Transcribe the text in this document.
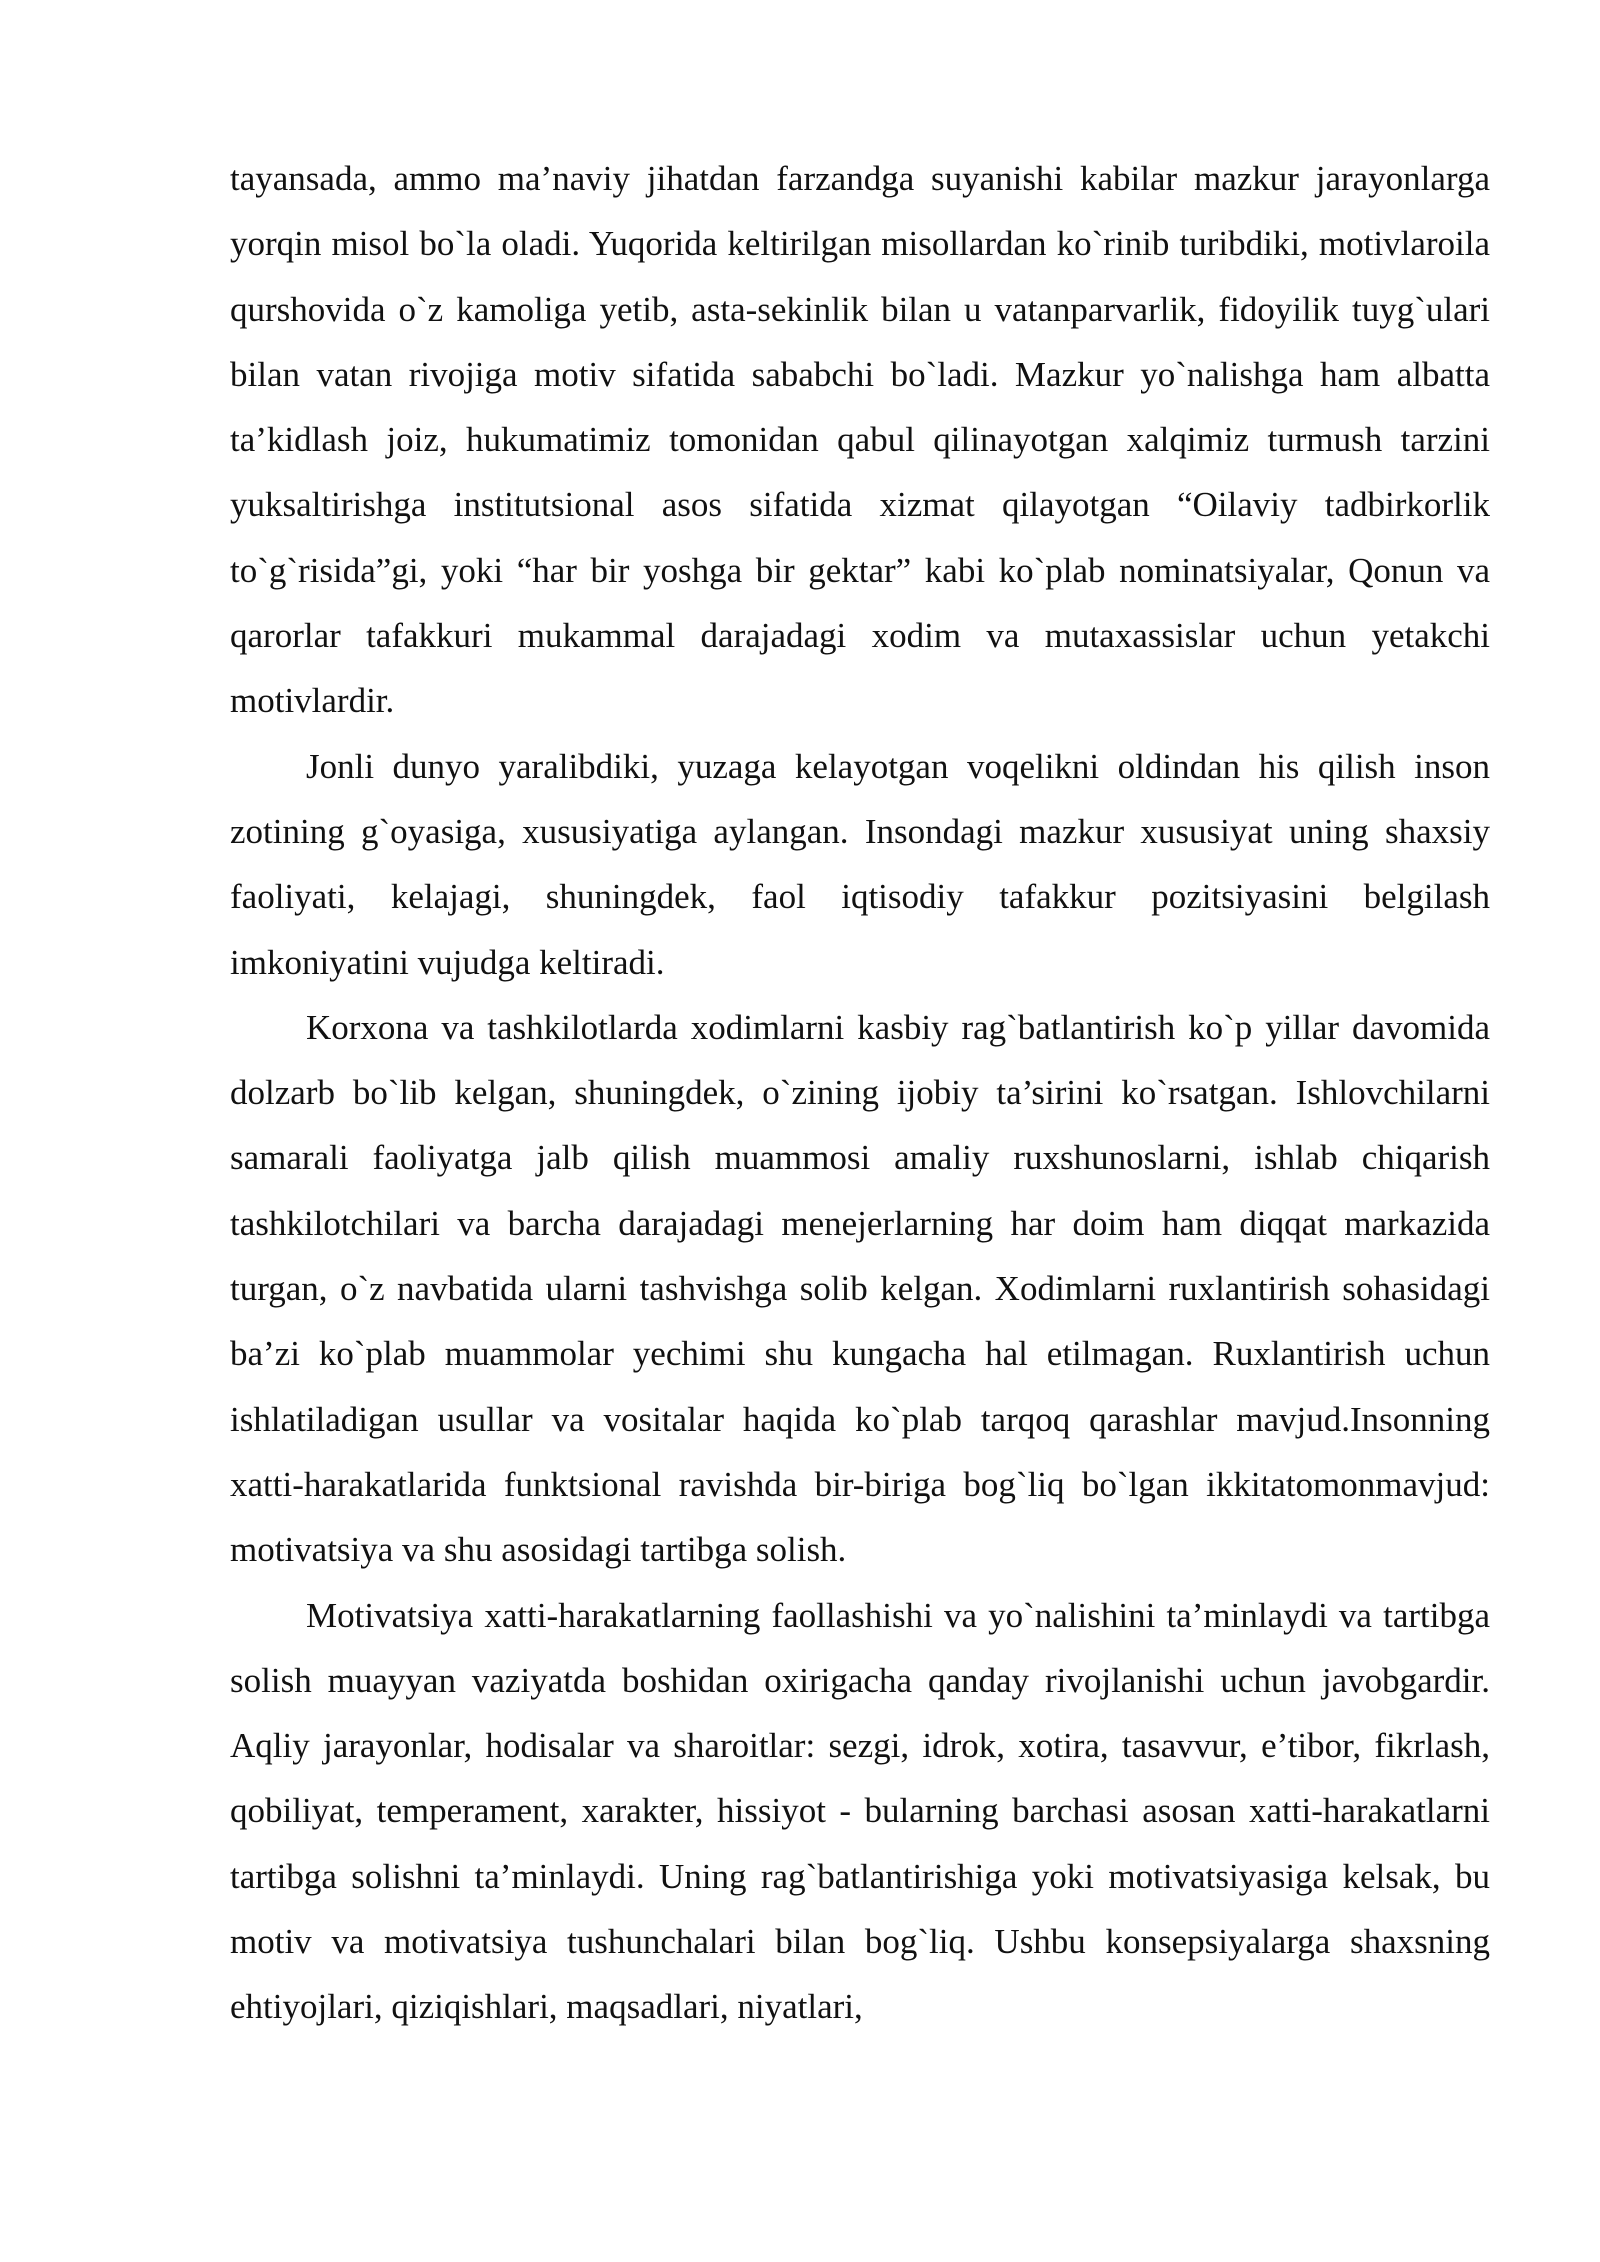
tayansada, ammo ma’naviy jihatdan farzandga suyanishi kabilar mazkur jarayonlarga yorqin misol bo`la oladi. Yuqorida keltirilgan misollardan ko`rinib turibdiki, motivlaroila qurshovida o`z kamoliga yetib, asta-sekinlik bilan u vatanparvarlik, fidoyilik tuyg`ulari bilan vatan rivojiga motiv sifatida sababchi bo`ladi. Mazkur yo`nalishga ham albatta ta’kidlash joiz, hukumatimiz tomonidan qabul qilinayotgan xalqimiz turmush tarzini yuksaltirishga institutsional asos sifatida xizmat qilayotgan “Oilaviy tadbirkorlik to`g`risida”gi, yoki “har bir yoshga bir gektar” kabi ko`plab nominatsiyalar, Qonun va qarorlar tafakkuri mukammal darajadagi xodim va mutaxassislar uchun yetakchi motivlardir.

Jonli dunyo yaralibdiki, yuzaga kelayotgan voqelikni oldindan his qilish inson zotining g`oyasiga, xususiyatiga aylangan. Insondagi mazkur xususiyat uning shaxsiy faoliyati, kelajagi, shuningdek, faol iqtisodiy tafakkur pozitsiyasini belgilash imkoniyatini vujudga keltiradi.

Korxona va tashkilotlarda xodimlarni kasbiy rag`batlantirish ko`p yillar davomida dolzarb bo`lib kelgan, shuningdek, o`zining ijobiy ta’sirini ko`rsatgan. Ishlovchilarni samarali faoliyatga jalb qilish muammosi amaliy ruxshunoslarni, ishlab chiqarish tashkilotchilari va barcha darajadagi menejerlarning har doim ham diqqat markazida turgan, o`z navbatida ularni tashvishga solib kelgan. Xodimlarni ruxlantirish sohasidagi ba’zi ko`plab muammolar yechimi shu kungacha hal etilmagan. Ruxlantirish uchun ishlatiladigan usullar va vositalar haqida ko`plab tarqoq qarashlar mavjud.Insonning xatti-harakatlarida funktsional ravishda bir-biriga bog`liq bo`lgan ikkitatomonmavjud: motivatsiya va shu asosidagi tartibga solish.

Motivatsiya xatti-harakatlarning faollashishi va yo`nalishini ta’minlaydi va tartibga solish muayyan vaziyatda boshidan oxirigacha qanday rivojlanishi uchun javobgardir. Aqliy jarayonlar, hodisalar va sharoitlar: sezgi, idrok, xotira, tasavvur, e’tibor, fikrlash, qobiliyat, temperament, xarakter, hissiyot - bularning barchasi asosan xatti-harakatlarni tartibga solishni ta’minlaydi. Uning rag`batlantirishiga yoki motivatsiyasiga kelsak, bu motiv va motivatsiya tushunchalari bilan bog`liq. Ushbu konsepsiyalarga shaxsning ehtiyojlari, qiziqishlari, maqsadlari, niyatlari,
